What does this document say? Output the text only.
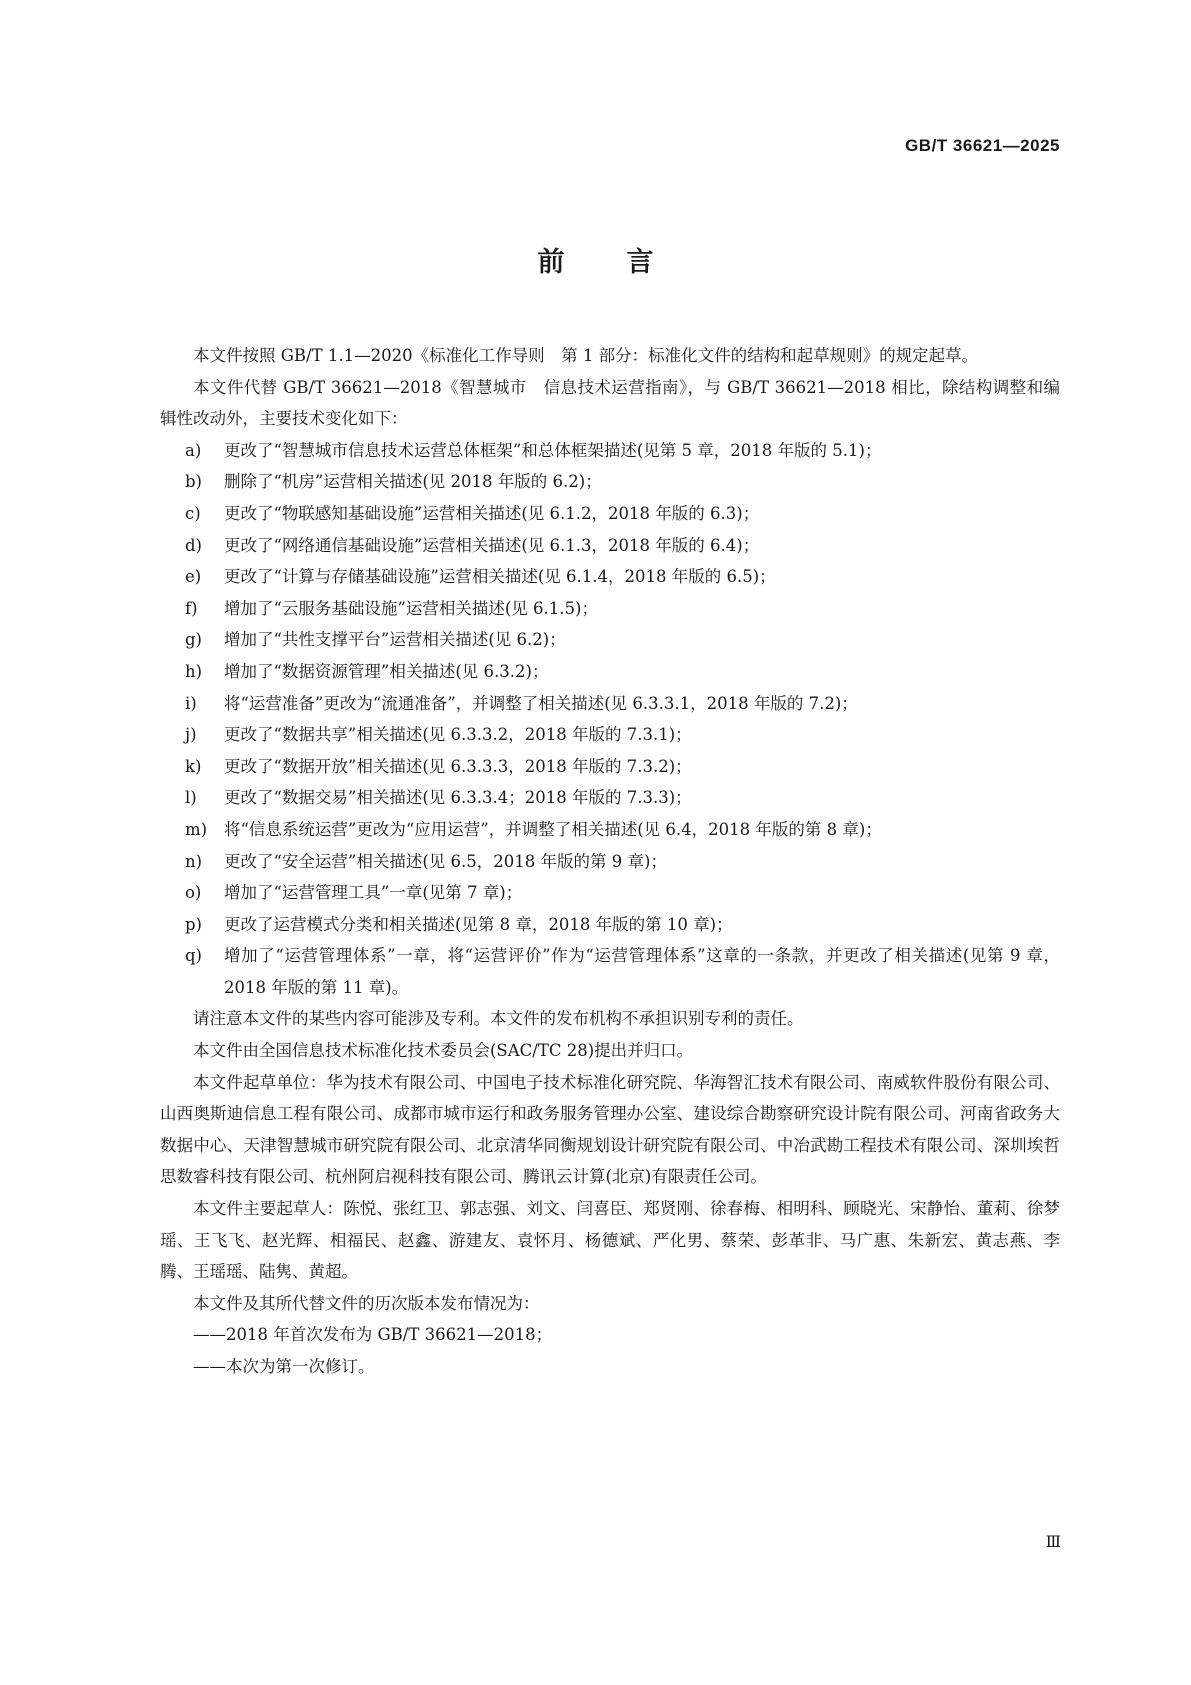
GB/T 36621—2025
前言

本文件按照 GB/T 1.1—2020《标准化工作导则　第 1 部分：标准化文件的结构和起草规则》的规定起草。

本文件代替 GB/T 36621—2018《智慧城市　信息技术运营指南》，与 GB/T 36621—2018 相比，除结构调整和编辑性改动外，主要技术变化如下：

a)	更改了“智慧城市信息技术运营总体框架”和总体框架描述(见第 5 章，2018 年版的 5.1)；
b)	删除了“机房”运营相关描述(见 2018 年版的 6.2)；
c)	更改了“物联感知基础设施”运营相关描述(见 6.1.2，2018 年版的 6.3)；
d)	更改了“网络通信基础设施”运营相关描述(见 6.1.3，2018 年版的 6.4)；
e)	更改了“计算与存储基础设施”运营相关描述(见 6.1.4，2018 年版的 6.5)；
f)	增加了“云服务基础设施”运营相关描述(见 6.1.5)；
g)	增加了“共性支撑平台”运营相关描述(见 6.2)；
h)	增加了“数据资源管理”相关描述(见 6.3.2)；
i)	将“运营准备”更改为“流通准备”，并调整了相关描述(见 6.3.3.1，2018 年版的 7.2)；
j)	更改了“数据共享”相关描述(见 6.3.3.2，2018 年版的 7.3.1)；
k)	更改了“数据开放”相关描述(见 6.3.3.3，2018 年版的 7.3.2)；
l)	更改了“数据交易”相关描述(见 6.3.3.4；2018 年版的 7.3.3)；
m)	将“信息系统运营”更改为“应用运营”，并调整了相关描述(见 6.4，2018 年版的第 8 章)；
n)	更改了“安全运营”相关描述(见 6.5，2018 年版的第 9 章)；
o)	增加了“运营管理工具”一章(见第 7 章)；
p)	更改了运营模式分类和相关描述(见第 8 章，2018 年版的第 10 章)；
q)	增加了“运营管理体系”一章，将“运营评价”作为“运营管理体系”这章的一条款，并更改了相关描述(见第 9 章，2018 年版的第 11 章)。

请注意本文件的某些内容可能涉及专利。本文件的发布机构不承担识别专利的责任。

本文件由全国信息技术标准化技术委员会(SAC/TC 28)提出并归口。

本文件起草单位：华为技术有限公司、中国电子技术标准化研究院、华海智汇技术有限公司、南威软件股份有限公司、山西奥斯迪信息工程有限公司、成都市城市运行和政务服务管理办公室、建设综合勘察研究设计院有限公司、河南省政务大数据中心、天津智慧城市研究院有限公司、北京清华同衡规划设计研究院有限公司、中冶武勘工程技术有限公司、深圳埃哲思数睿科技有限公司、杭州阿启视科技有限公司、腾讯云计算(北京)有限责任公司。

本文件主要起草人：陈悦、张红卫、郭志强、刘文、闫喜臣、郑贤刚、徐春梅、相明科、顾晓光、宋静怡、董莉、徐梦瑶、王飞飞、赵光辉、相福民、赵鑫、游建友、袁怀月、杨德斌、严化男、蔡荣、彭革非、马广惠、朱新宏、黄志燕、李腾、王瑶瑶、陆隽、黄超。

本文件及其所代替文件的历次版本发布情况为：

——2018 年首次发布为 GB/T 36621—2018；

——本次为第一次修订。

Ⅲ
